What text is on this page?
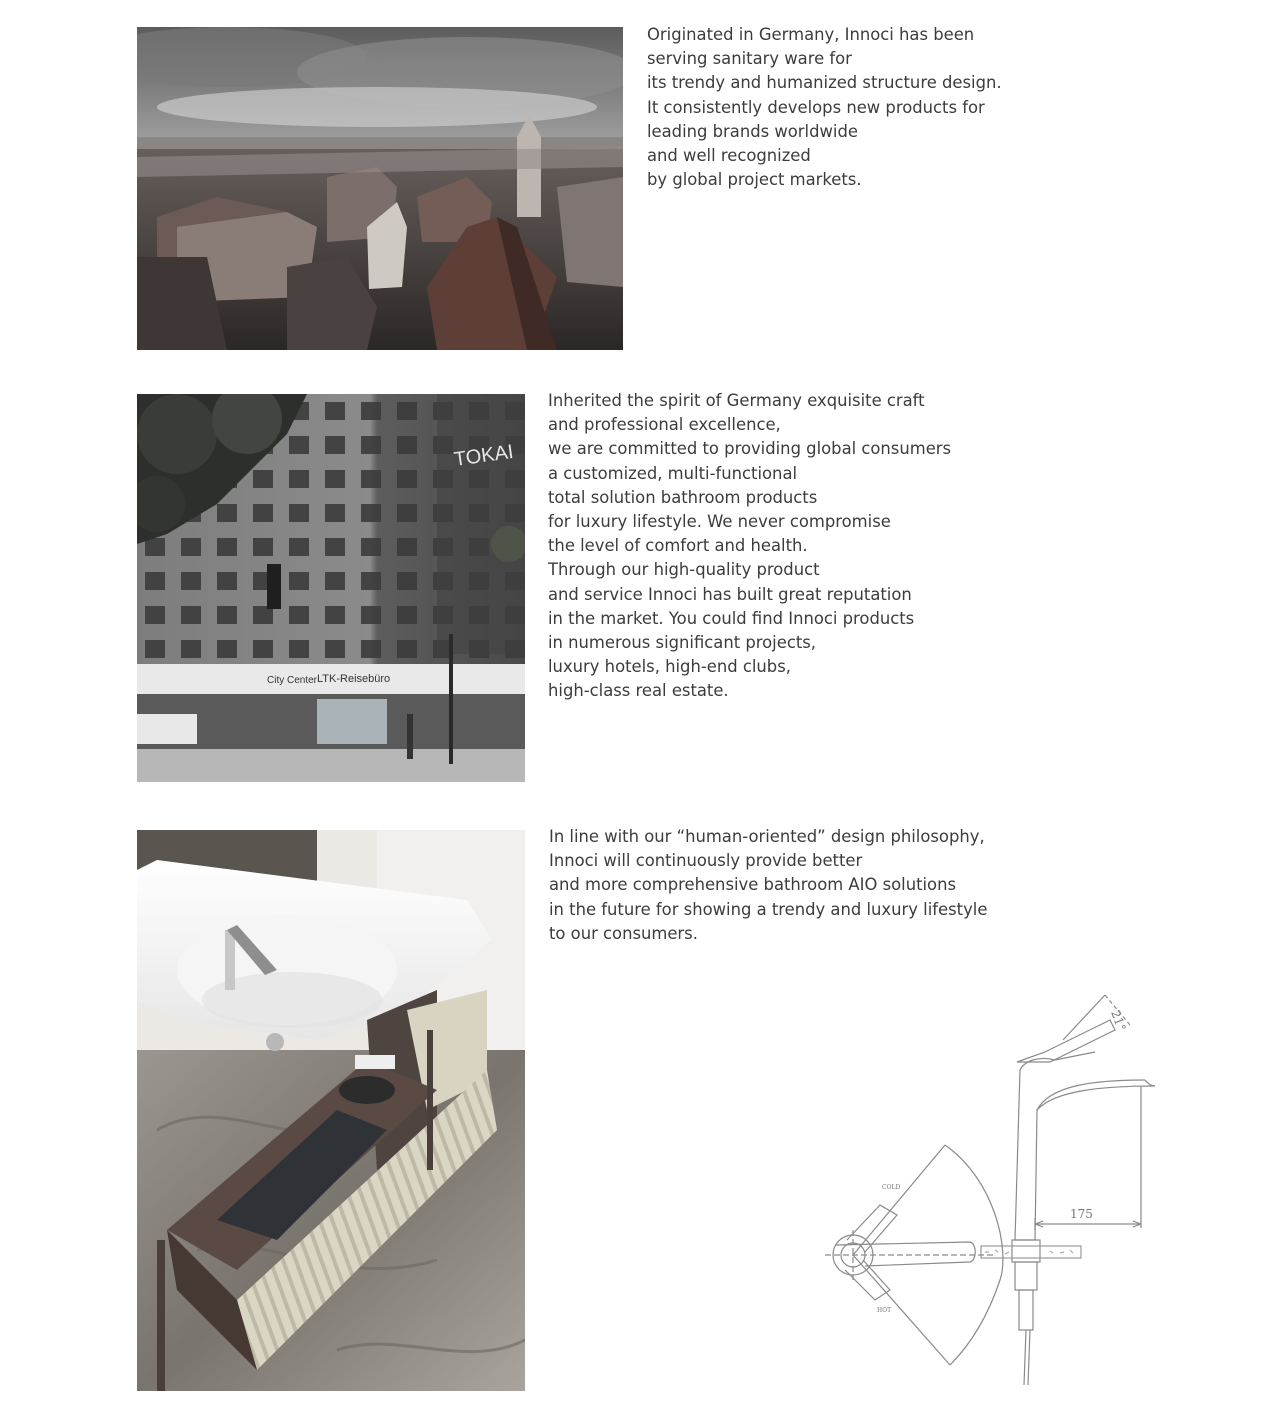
Originated in Germany, Innoci has been
serving sanitary ware for
its trendy and humanized structure design.
It consistently develops new products for
leading brands worldwide
and well recognized
by global project markets.

LTK-Reisebüro
City Center
TOKAI

Inherited the spirit of Germany exquisite craft
and professional excellence,
we are committed to providing global consumers
a customized, multi-functional
total solution bathroom products
for luxury lifestyle. We never compromise
the level of comfort and health.
Through our high-quality product
and service Innoci has built great reputation
in the market. You could find Innoci products
in numerous significant projects,
luxury hotels, high-end clubs,
high-class real estate.

In line with our “human-oriented” design philosophy,
Innoci will continuously provide better
and more comprehensive bathroom AIO solutions
in the future for showing a trendy and luxury lifestyle
to our consumers.

21°
175
COLD
HOT
